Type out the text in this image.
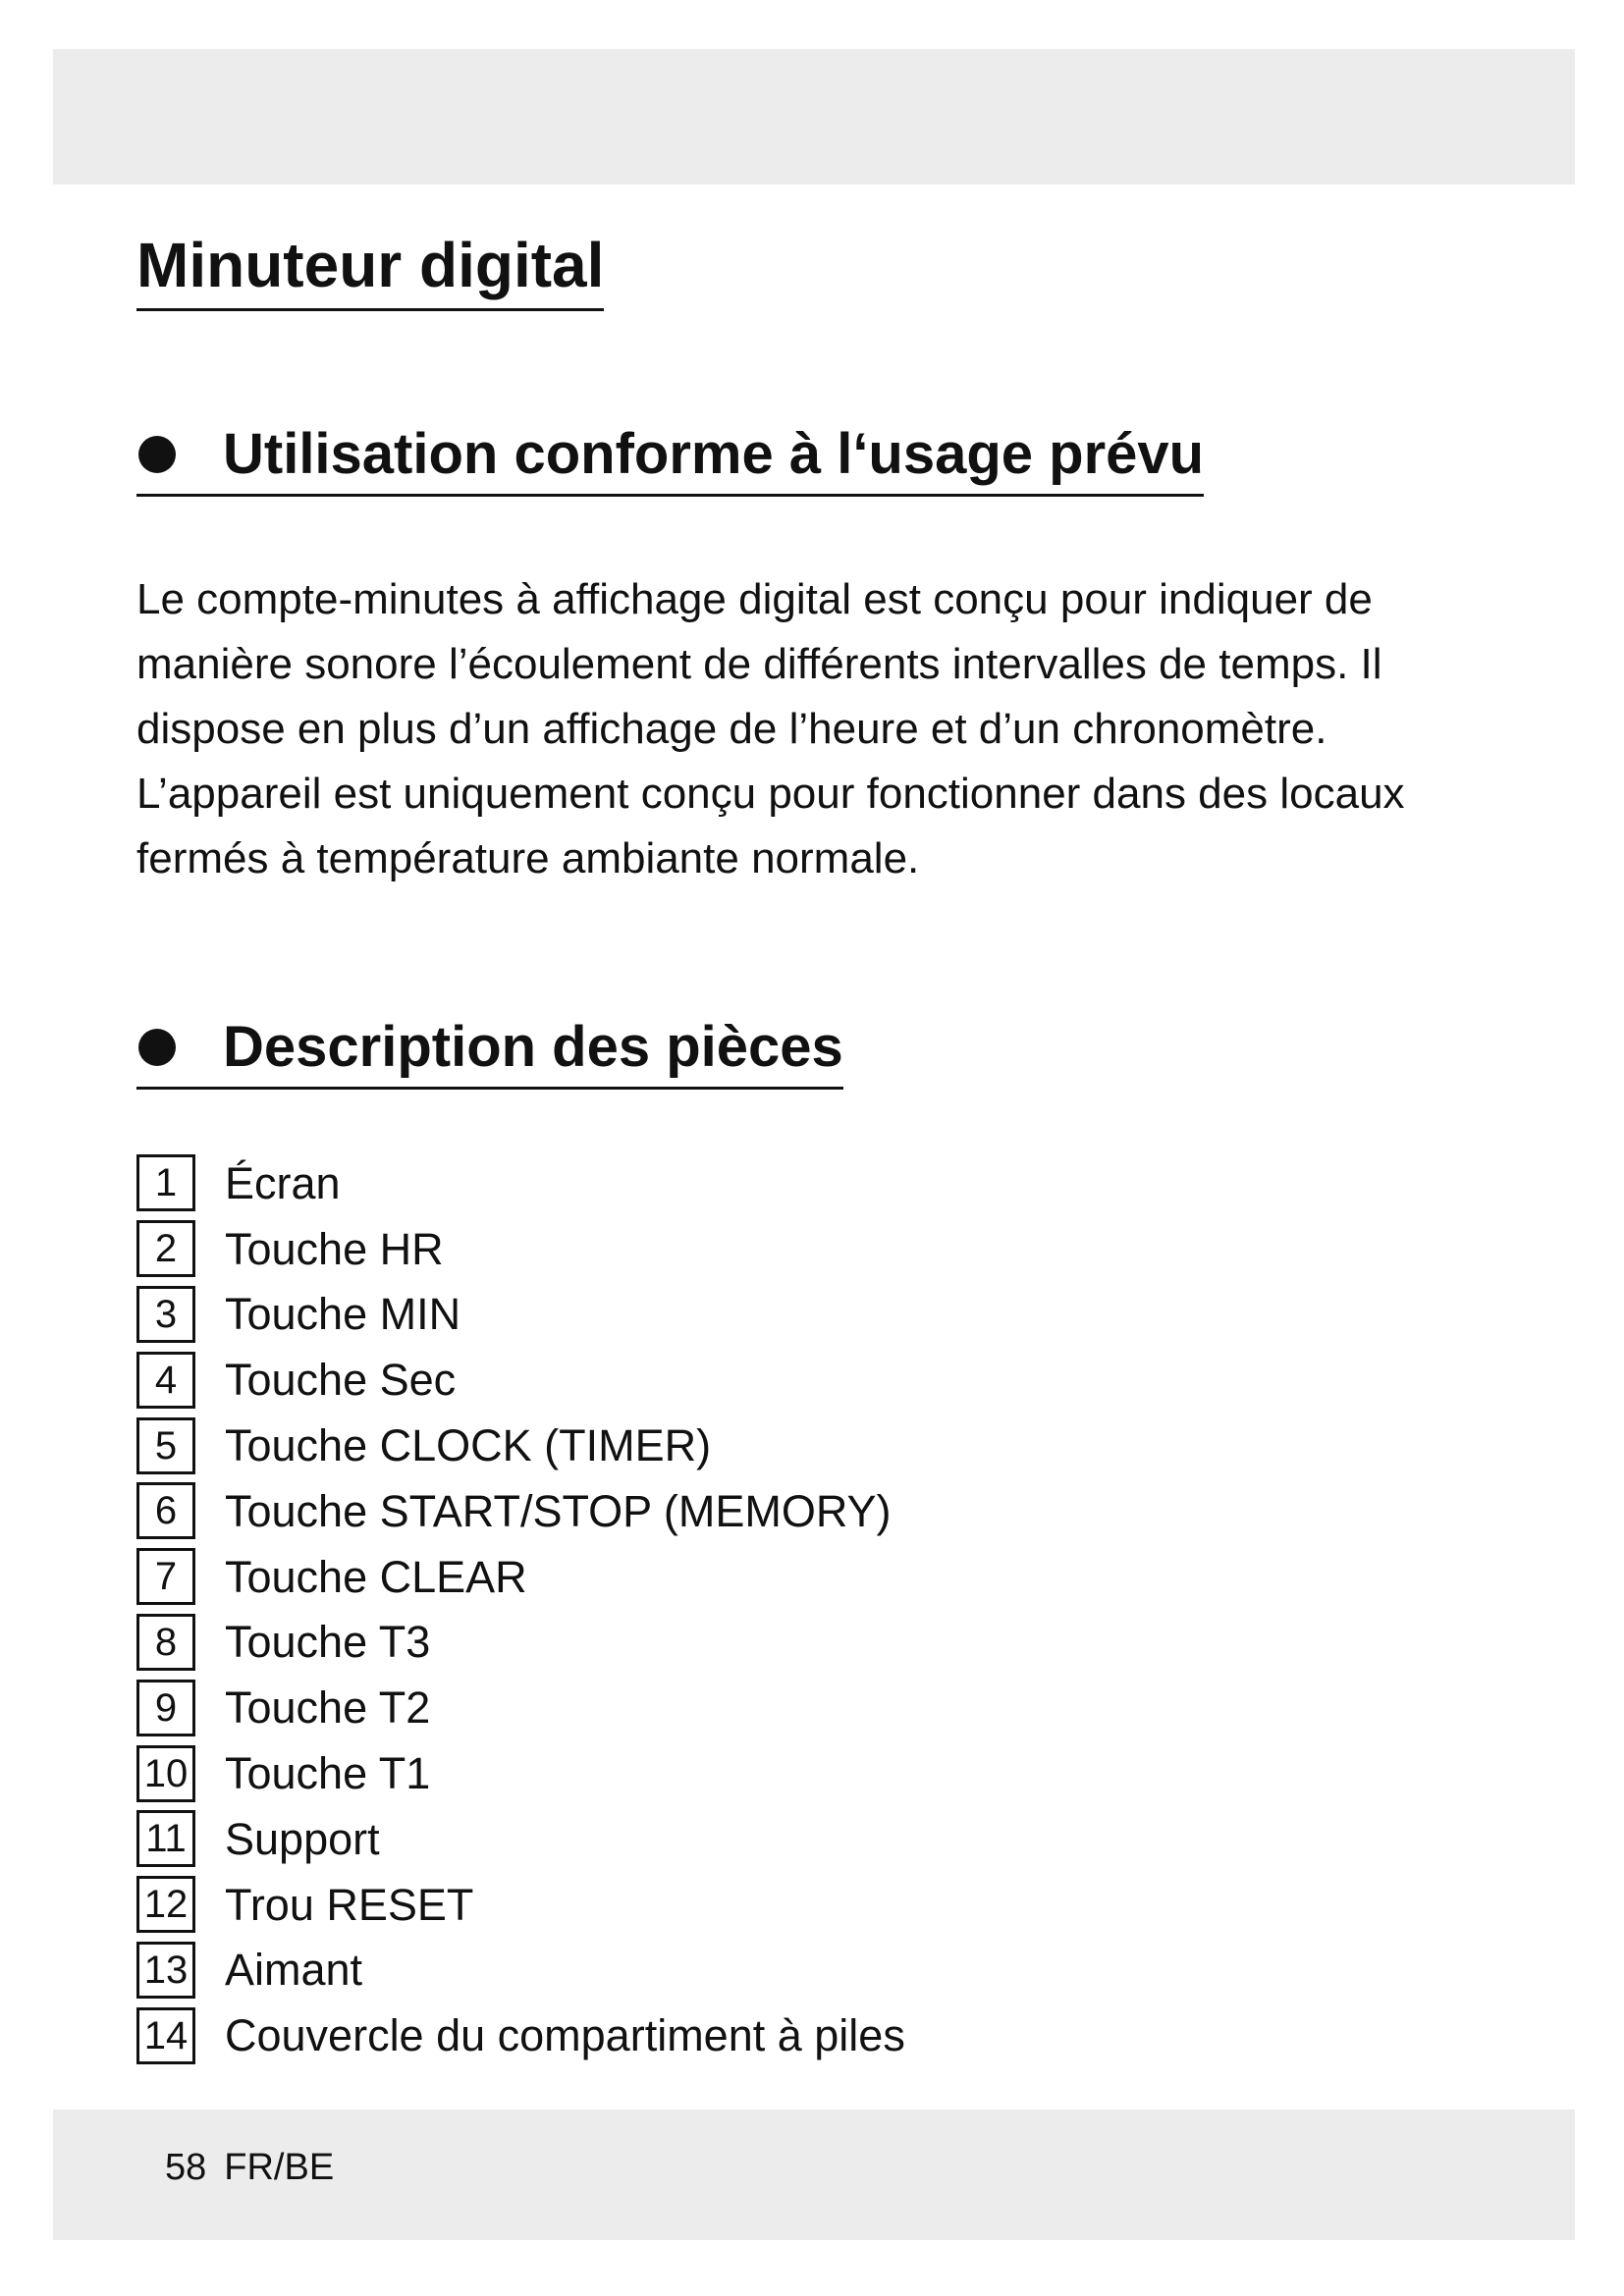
Minuteur digital
Utilisation conforme à l‘usage prévu

Le compte-minutes à affichage digital est conçu pour indiquer de manière sonore l’écoulement de différents intervalles de temps. Il dispose en plus d’un affichage de l’heure et d’un chronomètre. L’appareil est uniquement conçu pour fonctionner dans des locaux fermés à température ambiante normale.

Description des pièces
1	Écran
2	Touche HR
3	Touche MIN
4	Touche Sec
5	Touche CLOCK (TIMER)
6	Touche START/STOP (MEMORY)
7	Touche CLEAR
8	Touche T3
9	Touche T2
10 Touche T1
11 Support
12 Trou RESET
13 Aimant
14 Couvercle du compartiment à piles
58 FR/BE
